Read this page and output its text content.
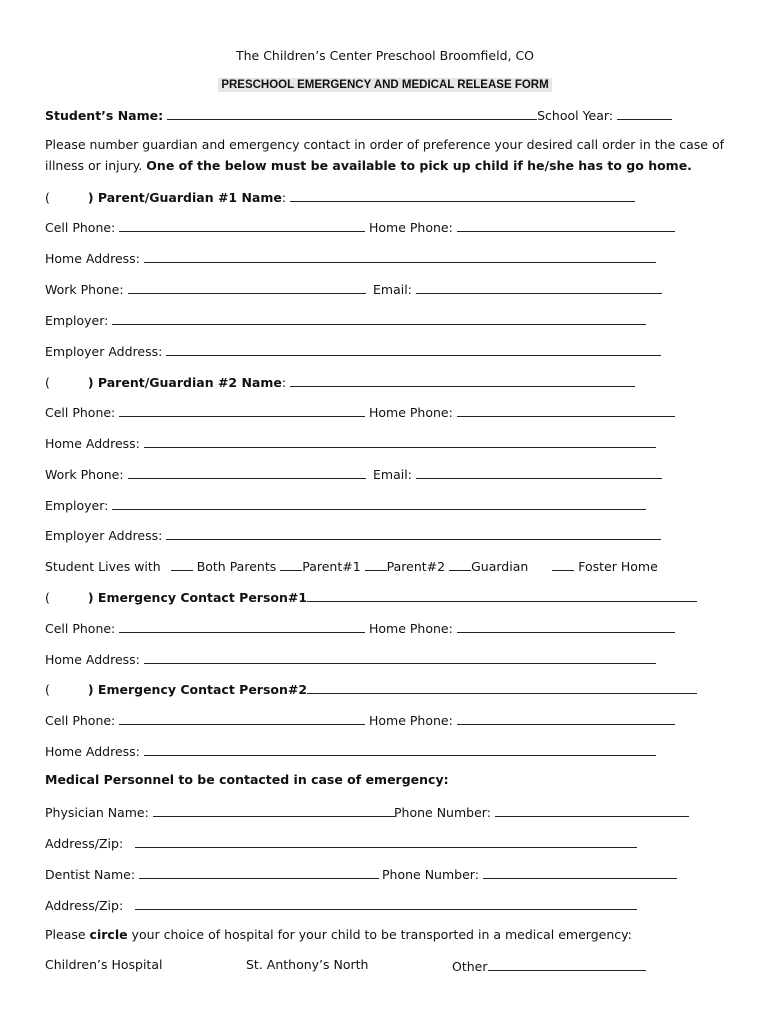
The Children’s Center Preschool Broomfield, CO
PRESCHOOL EMERGENCY AND MEDICAL RELEASE FORM
Student’s Name:	School Year:
Please number guardian and emergency contact in order of preference your desired call order in the case of illness or injury. One of the below must be available to pick up child if he/she has to go home.
(	) Parent/Guardian #1 Name:
Cell Phone:	Home Phone:
Home Address:
Work Phone:	Email:
Employer:
Employer Address:
(	) Parent/Guardian #2 Name:
Cell Phone:	Home Phone:
Home Address:
Work Phone:	Email:
Employer:
Employer Address:
Student Lives with	Both Parents Parent#1 Parent#2 Guardian	Foster Home
(	) Emergency Contact Person#1
Cell Phone:	Home Phone:
Home Address:
(	) Emergency Contact Person#2
Cell Phone:	Home Phone:
Home Address:
Medical Personnel to be contacted in case of emergency:
Physician Name:	Phone Number:
Address/Zip:
Dentist Name:	Phone Number:
Address/Zip:
Please circle your choice of hospital for your child to be transported in a medical emergency:
Children’s Hospital	St. Anthony’s North	Other
